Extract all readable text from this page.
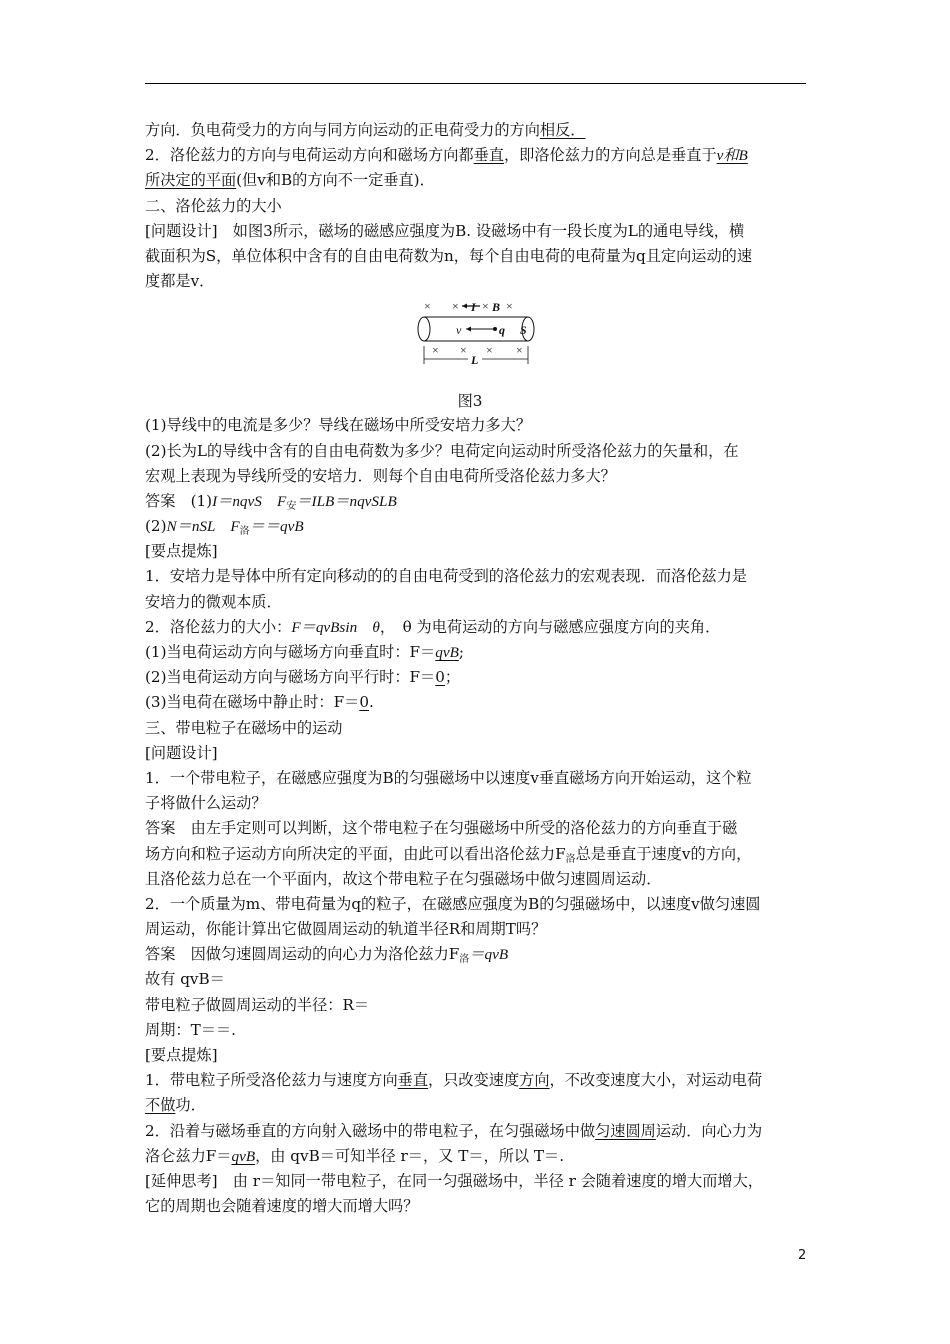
方向．负电荷受力的方向与同方向运动的正电荷受力的方向相反．
2．洛伦兹力的方向与电荷运动方向和磁场方向都垂直，即洛伦兹力的方向总是垂直于v和B
所决定的平面(但v和B的方向不一定垂直)．
二、洛伦兹力的大小
[问题设计]　如图3所示，磁场的磁感应强度为B. 设磁场中有一段长度为L的通电导线，横
截面积为S，单位体积中含有的自由电荷数为n，每个自由电荷的电荷量为q且定向运动的速
度都是v．
× × I × B ×
S
v	q
× × × ×
L
图3
(1)导线中的电流是多少？导线在磁场中所受安培力多大？
(2)长为L的导线中含有的自由电荷数为多少？电荷定向运动时所受洛伦兹力的矢量和，在
宏观上表现为导线所受的安培力．则每个自由电荷所受洛伦兹力多大？
答案　(1)I＝nqvS　$F_安=ILB=nqvSLB$
(2)N＝nSL　$F_洛==qvB$
[要点提炼]
1．安培力是导体中所有定向移动的的自由电荷受到的洛伦兹力的宏观表现．而洛伦兹力是
安培力的微观本质．
2．洛伦兹力的大小：F＝qvBsin　θ，　θ 为电荷运动的方向与磁感应强度方向的夹角．
(1)当电荷运动方向与磁场方向垂直时：F＝qvB;
(2)当电荷运动方向与磁场方向平行时：F＝0；
(3)当电荷在磁场中静止时：F＝0.
三、带电粒子在磁场中的运动
[问题设计]
1．一个带电粒子，在磁感应强度为B的匀强磁场中以速度v垂直磁场方向开始运动，这个粒
子将做什么运动？
答案　由左手定则可以判断，这个带电粒子在匀强磁场中所受的洛伦兹力的方向垂直于磁
场方向和粒子运动方向所决定的平面，由此可以看出洛伦兹力$F_洛$总是垂直于速度v的方向，
且洛伦兹力总在一个平面内，故这个带电粒子在匀强磁场中做匀速圆周运动．
2．一个质量为m、带电荷量为q的粒子，在磁感应强度为B的匀强磁场中，以速度v做匀速圆
周运动，你能计算出它做圆周运动的轨道半径R和周期T吗？
答案　因做匀速圆周运动的向心力为洛伦兹力$F_洛=qvB$
故有 qvB＝
带电粒子做圆周运动的半径：R＝
周期：T＝＝.
[要点提炼]
1．带电粒子所受洛伦兹力与速度方向垂直，只改变速度方向，不改变速度大小，对运动电荷
不做功．
2．沿着与磁场垂直的方向射入磁场中的带电粒子，在匀强磁场中做匀速圆周运动．向心力为
洛仑兹力F＝qvB，由 qvB＝可知半径 r＝，又 T＝，所以 T＝.
[延伸思考]　由 r＝知同一带电粒子，在同一匀强磁场中，半径 r 会随着速度的增大而增大，
它的周期也会随着速度的增大而增大吗？
2
